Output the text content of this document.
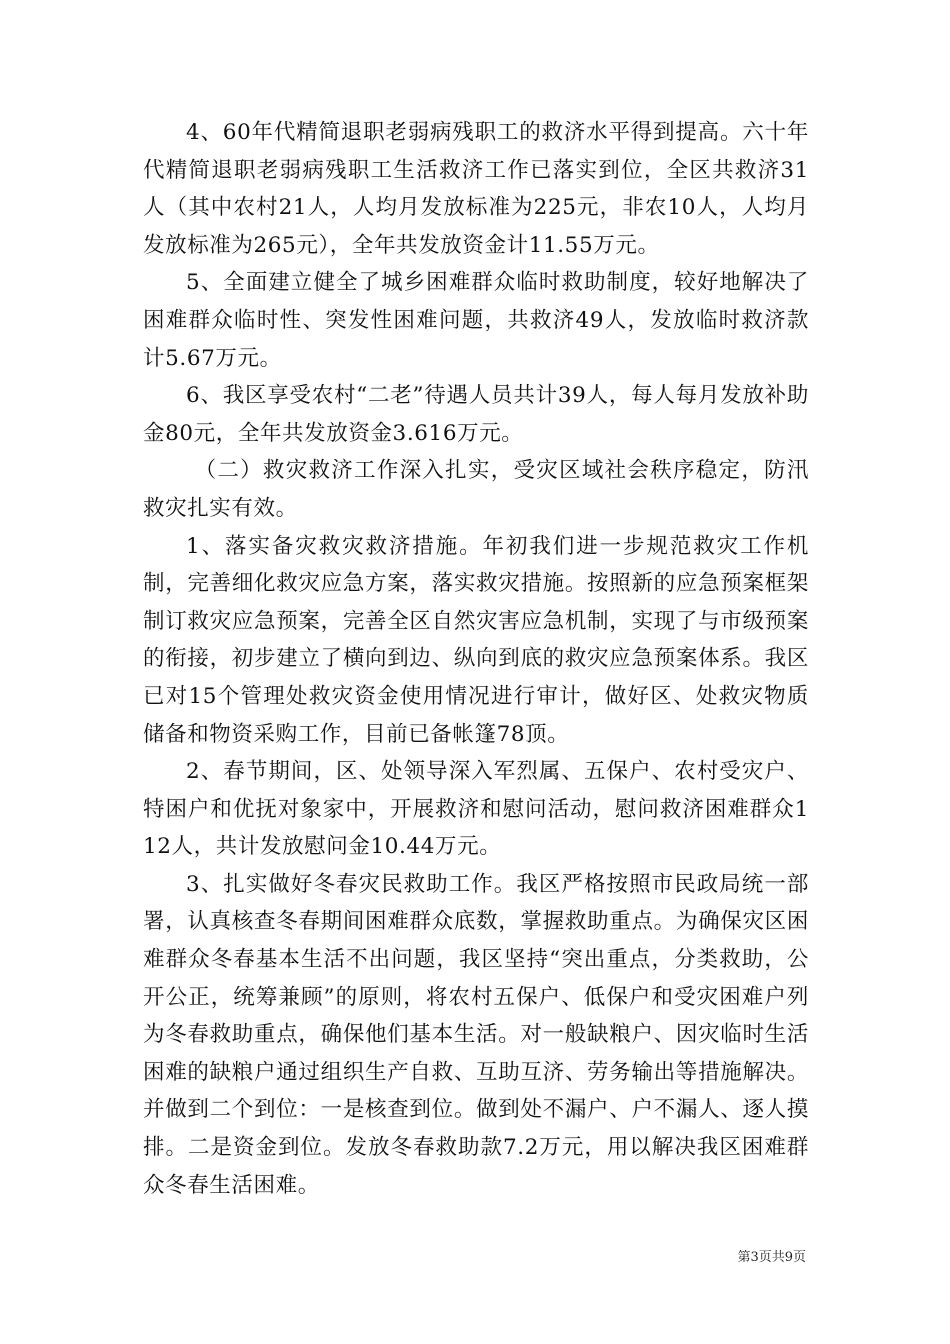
4、60年代精简退职老弱病残职工的救济水平得到提高。六十年代精简退职老弱病残职工生活救济工作已落实到位，全区共救济31人（其中农村21人，人均月发放标准为225元，非农10人，人均月发放标准为265元），全年共发放资金计11.55万元。

5、全面建立健全了城乡困难群众临时救助制度，较好地解决了困难群众临时性、突发性困难问题，共救济49人，发放临时救济款计5.67万元。

6、我区享受农村“二老”待遇人员共计39人，每人每月发放补助金80元，全年共发放资金3.616万元。

（二）救灾救济工作深入扎实，受灾区域社会秩序稳定，防汛救灾扎实有效。

1、落实备灾救灾救济措施。年初我们进一步规范救灾工作机制，完善细化救灾应急方案，落实救灾措施。按照新的应急预案框架制订救灾应急预案，完善全区自然灾害应急机制，实现了与市级预案的衔接，初步建立了横向到边、纵向到底的救灾应急预案体系。我区已对15个管理处救灾资金使用情况进行审计，做好区、处救灾物质储备和物资采购工作，目前已备帐篷78顶。

2、春节期间，区、处领导深入军烈属、五保户、农村受灾户、特困户和优抚对象家中，开展救济和慰问活动，慰问救济困难群众112人，共计发放慰问金10.44万元。

3、扎实做好冬春灾民救助工作。我区严格按照市民政局统一部署，认真核查冬春期间困难群众底数，掌握救助重点。为确保灾区困难群众冬春基本生活不出问题，我区坚持“突出重点，分类救助，公开公正，统筹兼顾”的原则，将农村五保户、低保户和受灾困难户列为冬春救助重点，确保他们基本生活。对一般缺粮户、因灾临时生活困难的缺粮户通过组织生产自救、互助互济、劳务输出等措施解决。并做到二个到位：一是核查到位。做到处不漏户、户不漏人、逐人摸排。二是资金到位。发放冬春救助款7.2万元，用以解决我区困难群众冬春生活困难。

第3页共9页
